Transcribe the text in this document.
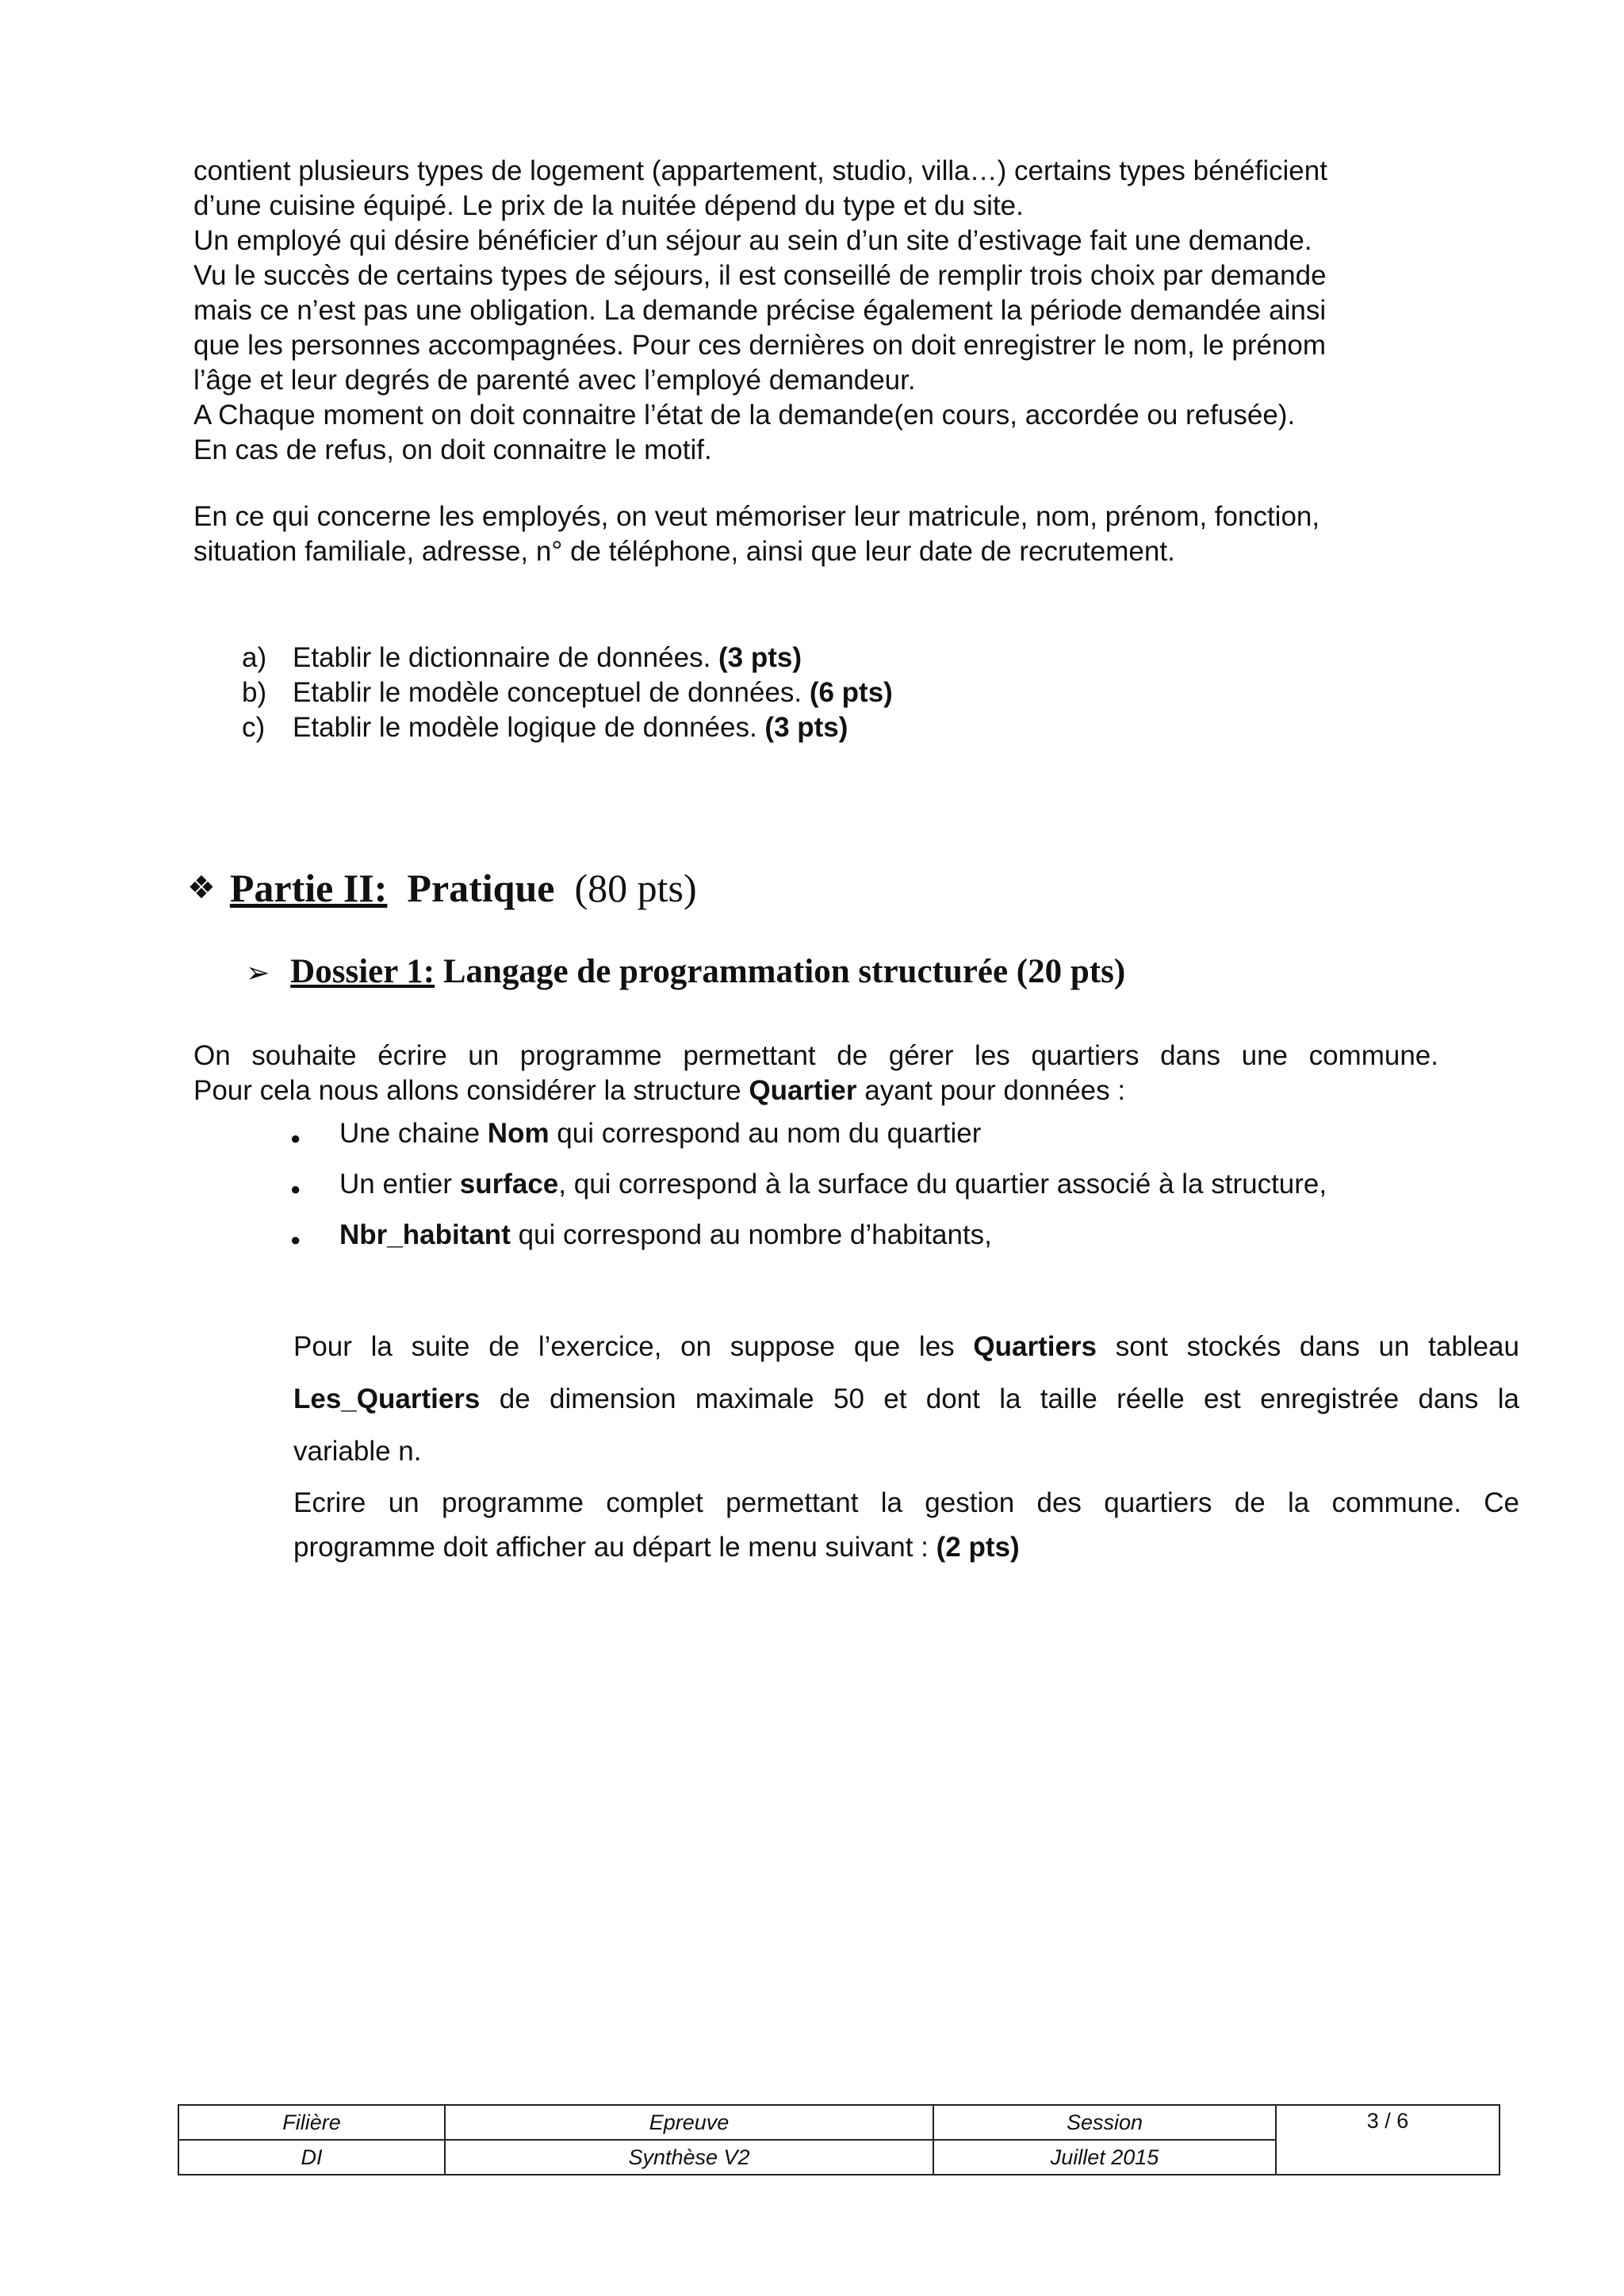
contient plusieurs types de logement (appartement, studio, villa…) certains types bénéficient

d’une cuisine équipé. Le prix de la nuitée dépend du type et du site.

Un employé qui désire bénéficier d’un séjour au sein d’un site d’estivage fait une demande.

Vu le succès de certains types de séjours, il est conseillé de remplir trois choix par demande

mais ce n’est pas une obligation. La demande précise également la période demandée ainsi

que les personnes accompagnées. Pour ces dernières on doit enregistrer le nom, le prénom

l’âge et leur degrés de parenté avec l’employé demandeur.

A Chaque moment on doit connaitre l’état de la demande(en cours, accordée ou refusée).

En cas de refus, on doit connaitre le motif.

En ce qui concerne les employés, on veut mémoriser leur matricule, nom, prénom, fonction,

situation familiale, adresse, n° de téléphone, ainsi que leur date de recrutement.

a) Etablir le dictionnaire de données. (3 pts)
b) Etablir le modèle conceptuel de données. (6 pts)
c) Etablir le modèle logique de données. (3 pts)
❖ Partie II: Pratique (80 pts)
➢ Dossier 1: Langage de programmation structurée (20 pts)

On souhaite écrire un programme permettant de gérer les quartiers dans une commune.

Pour cela nous allons considérer la structure Quartier ayant pour données :

●	Une chaine Nom qui correspond au nom du quartier
●	Un entier surface, qui correspond à la surface du quartier associé à la structure,
●	Nbr_habitant qui correspond au nombre d’habitants,

Pour la suite de l’exercice, on suppose que les Quartiers sont stockés dans un tableau

Les_Quartiers de dimension maximale 50 et dont la taille réelle est enregistrée dans la

variable n.

Ecrire un programme complet permettant la gestion des quartiers de la commune. Ce

programme doit afficher au départ le menu suivant : (2 pts)

Filière	Epreuve	Session	3 / 6
DI	Synthèse V2	Juillet 2015	
